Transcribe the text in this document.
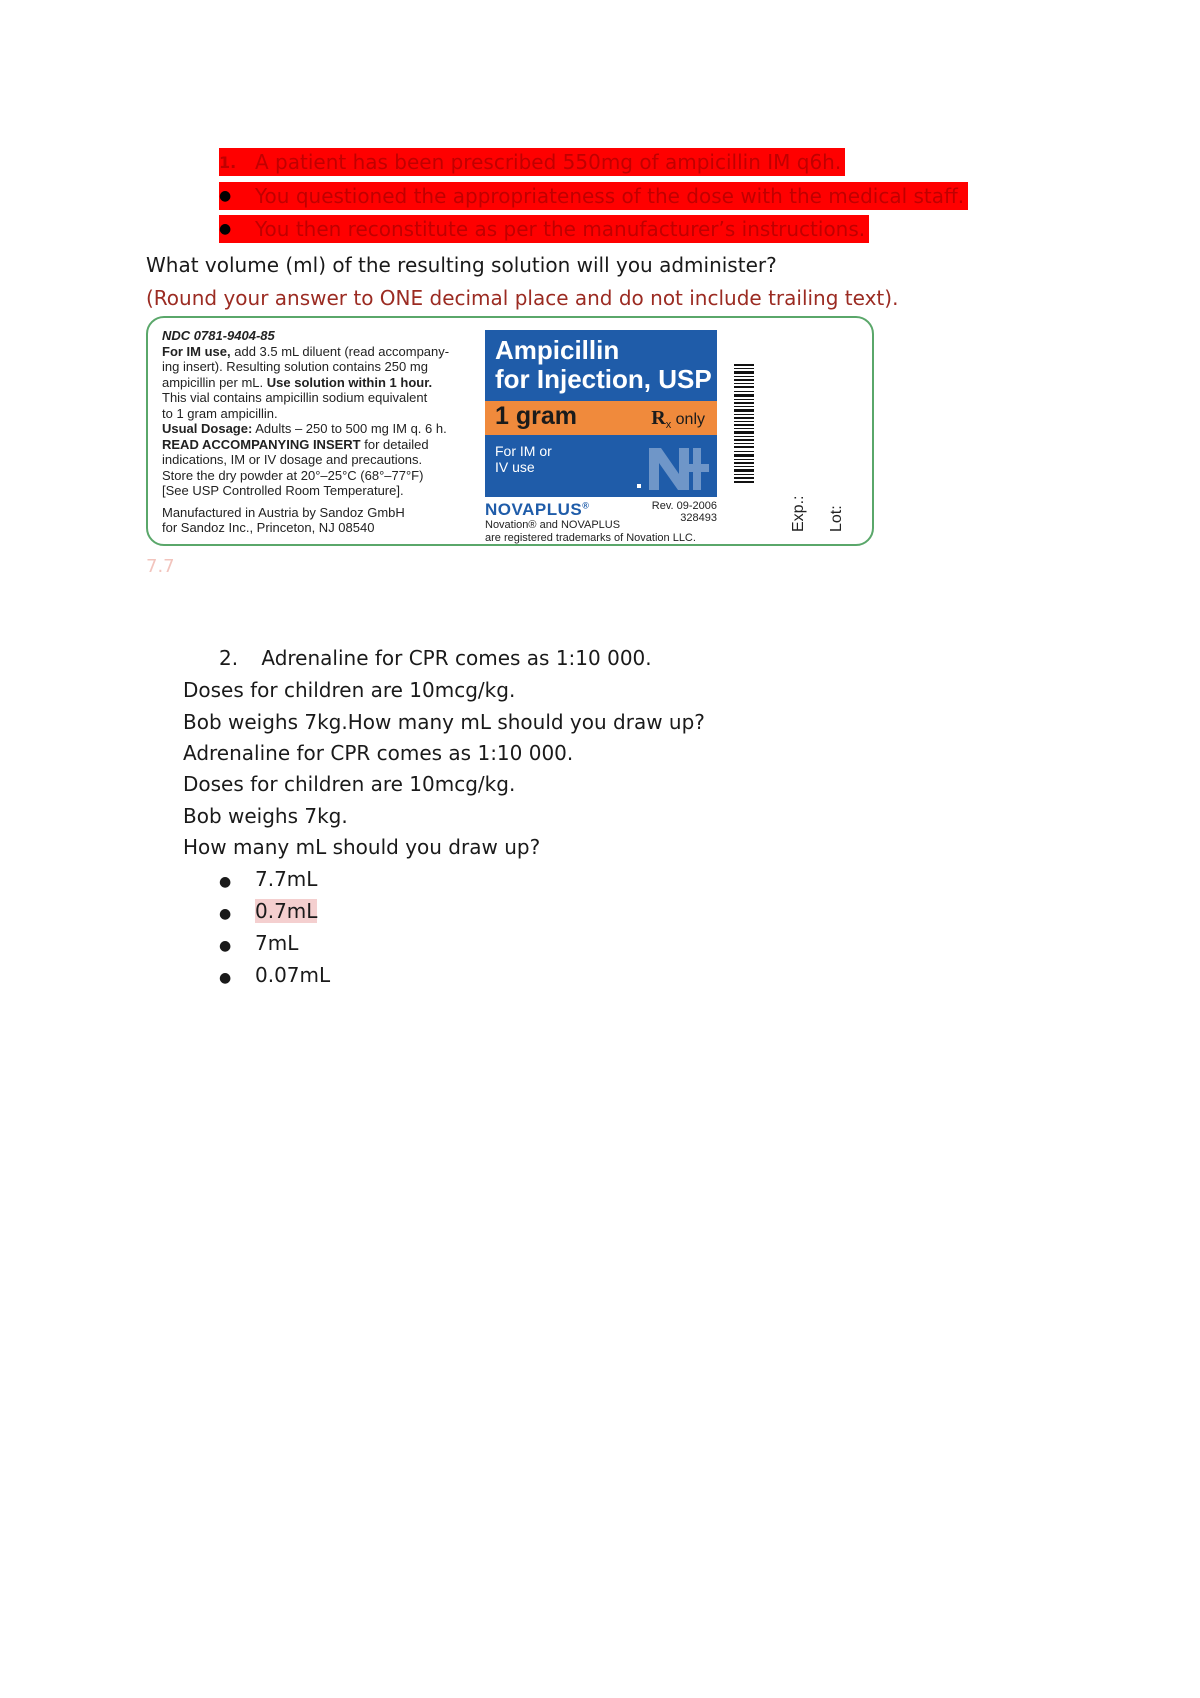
1. A patient has been prescribed 550mg of ampicillin IM q6h.
●	You questioned the appropriateness of the dose with the medical staff.
●	You then reconstitute as per the manufacturer’s instructions.
What volume (ml) of the resulting solution will you administer?
(Round your answer to ONE decimal place and do not include trailing text).
NDC 0781-9404-85
For IM use, add 3.5 mL diluent (read accompany-
ing insert). Resulting solution contains 250 mg
ampicillin per mL. Use solution within 1 hour.
This vial contains ampicillin sodium equivalent
to 1 gram ampicillin.
Usual Dosage: Adults – 250 to 500 mg IM q. 6 h.
READ ACCOMPANYING INSERT for detailed
indications, IM or IV dosage and precautions.
Store the dry powder at 20°–25°C (68°–77°F)
[See USP Controlled Room Temperature].
Manufactured in Austria by Sandoz GmbH
for Sandoz Inc., Princeton, NJ 08540
Ampicillin
for Injection, USP
1 gram	$R_x$ only
For IM or
IV use
NOVAPLUS®	Rev. 09-2006
328493
Novation® and NOVAPLUS
are registered trademarks of Novation LLC.
Exp.: Lot:
7.7
2. Adrenaline for CPR comes as 1:10 000.
Doses for children are 10mcg/kg.
Bob weighs 7kg.How many mL should you draw up?
Adrenaline for CPR comes as 1:10 000.
Doses for children are 10mcg/kg.
Bob weighs 7kg.
How many mL should you draw up?
● 7.7mL
● 0.7mL
● 7mL
● 0.07mL
